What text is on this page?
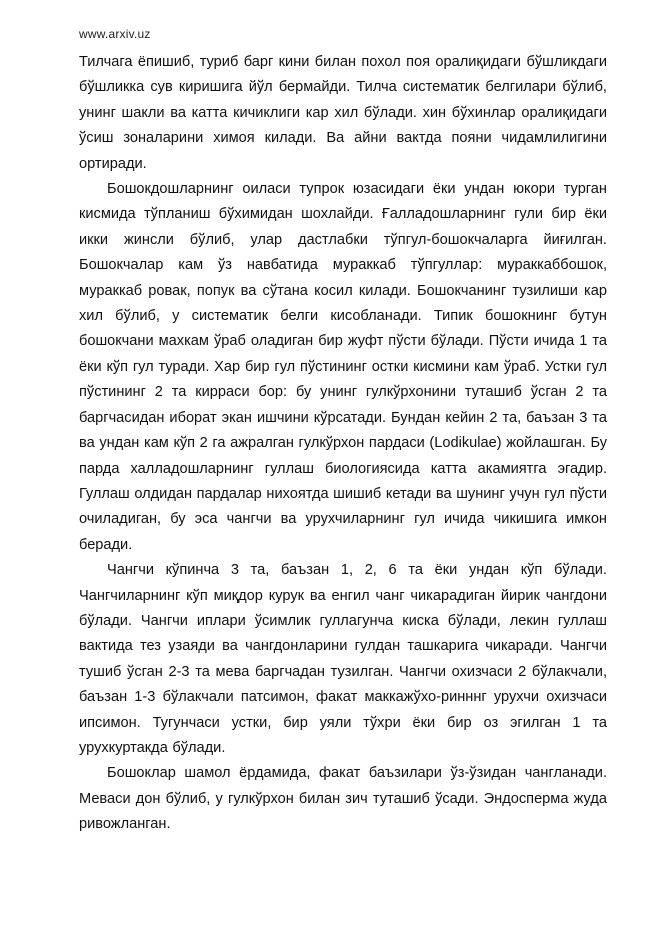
www.arxiv.uz

Тилчага ёпишиб, туриб барг кини билан похол поя оралиқидаги бўшликдаги бўшликка сув киришига йўл бермайди. Тилча систематик белгилари бўлиб, унинг шакли ва катта кичиклиги кар хил бўлади. хин бўхинлар оралиқидаги ўсиш зоналарини химоя килади. Ва айни вактда пояни чидамлилигини ортиради.

Бошокдошларнинг оиласи тупрок юзасидаги ёки ундан юкори турган кисмида тўпланиш бўхимидан шохлайди. Ғалладошларнинг гули бир ёки икки жинсли бўлиб, улар дастлабки тўпгул-бошокчаларга йиғилган. Бошокчалар кам ўз навбатида мураккаб тўпгуллар: мураккаббошок, мураккаб ровак, попук ва сўтана косил килади. Бошокчанинг тузилиши кар хил бўлиб, у систематик белги кисобланади. Типик бошокнинг бутун бошокчани маxкам ўраб оладиган бир жуфт пўсти бўлади. Пўсти ичида 1 та ёки кўп гул туради. Хар бир гул пўстининг остки кисмини кам ўраб. Устки гул пўстининг 2 та кирраси бор: бу унинг гулкўрхонини туташиб ўсган 2 та баргчасидан иборат экан ишчини кўрсатади. Бундан кейин 2 та, баъзан 3 та ва ундан кам кўп 2 га ажралган гулкўрхон пардаси (Lodikulae) жойлашган. Бу парда халладошларнинг гуллаш биологиясида катта акамиятга эгадир. Гуллаш олдидан пардалар нихоятда шишиб кетади ва шунинг учун гул пўсти очиладиган, бу эса чангчи ва урухчиларнинг гул ичида чикишига имкон беради.

Чангчи кўпинча 3 та, баъзан 1, 2, 6 та ёки ундан кўп бўлади. Чангчиларнинг кўп миқдор курук ва енгил чанг чикарадиган йирик чангдони бўлади. Чангчи иплари ўсимлик гуллагунча киска бўлади, лекин гуллаш вактида тез узаяди ва чангдонларини гулдан ташкарига чикаради. Чангчи тушиб ўсган 2-3 та мева баргчадан тузилган. Чангчи охизчаси 2 бўлакчали, баъзан 1-3 бўлакчали патсимон, факат маккажўхо-ринннг урухчи охизчаси ипсимон. Тугунчаси устки, бир уяли тўхри ёки бир оз эгилган 1 та урухкуртакда бўлади.

Бошоклар шамол ёрдамида, факат баъзилари ўз-ўзидан чангланади. Меваси дон бўлиб, у гулкўрхон билан зич туташиб ўсади. Эндосперма жуда ривожланган.
